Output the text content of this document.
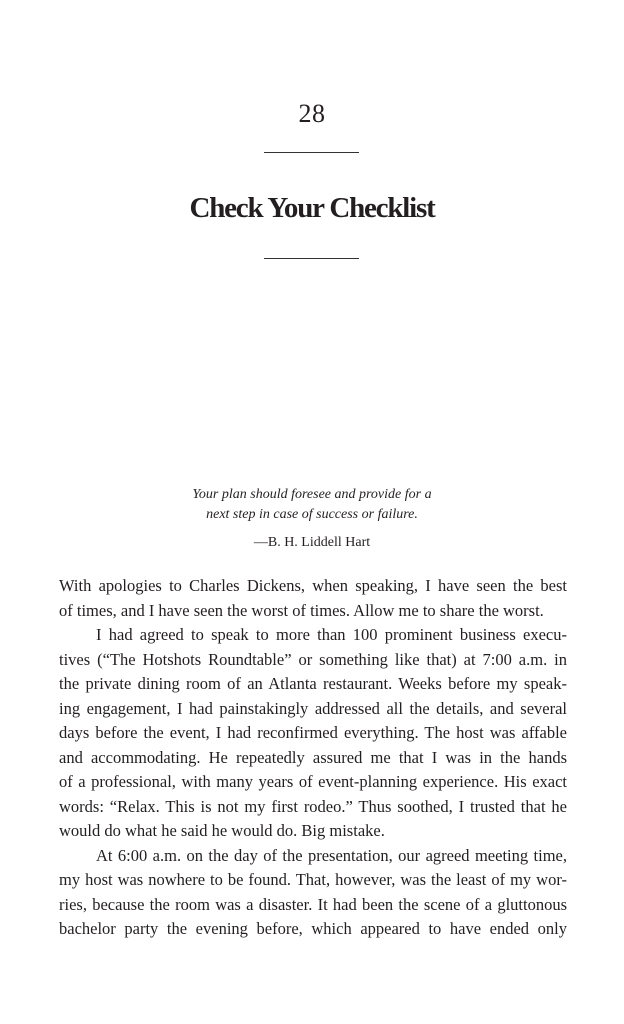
28
Check Your Checklist
Your plan should foresee and provide for a
next step in case of success or failure.
—B. H. Liddell Hart
With apologies to Charles Dickens, when speaking, I have seen the best
of times, and I have seen the worst of times. Allow me to share the worst.
I had agreed to speak to more than 100 prominent business execu-
tives (“The Hotshots Roundtable” or something like that) at 7:00 a.m. in
the private dining room of an Atlanta restaurant. Weeks before my speak-
ing engagement, I had painstakingly addressed all the details, and several
days before the event, I had reconfirmed everything. The host was affable
and accommodating. He repeatedly assured me that I was in the hands
of a professional, with many years of event-planning experience. His exact
words: “Relax. This is not my first rodeo.” Thus soothed, I trusted that he
would do what he said he would do. Big mistake.
At 6:00 a.m. on the day of the presentation, our agreed meeting time,
my host was nowhere to be found. That, however, was the least of my wor-
ries, because the room was a disaster. It had been the scene of a gluttonous
bachelor party the evening before, which appeared to have ended only
